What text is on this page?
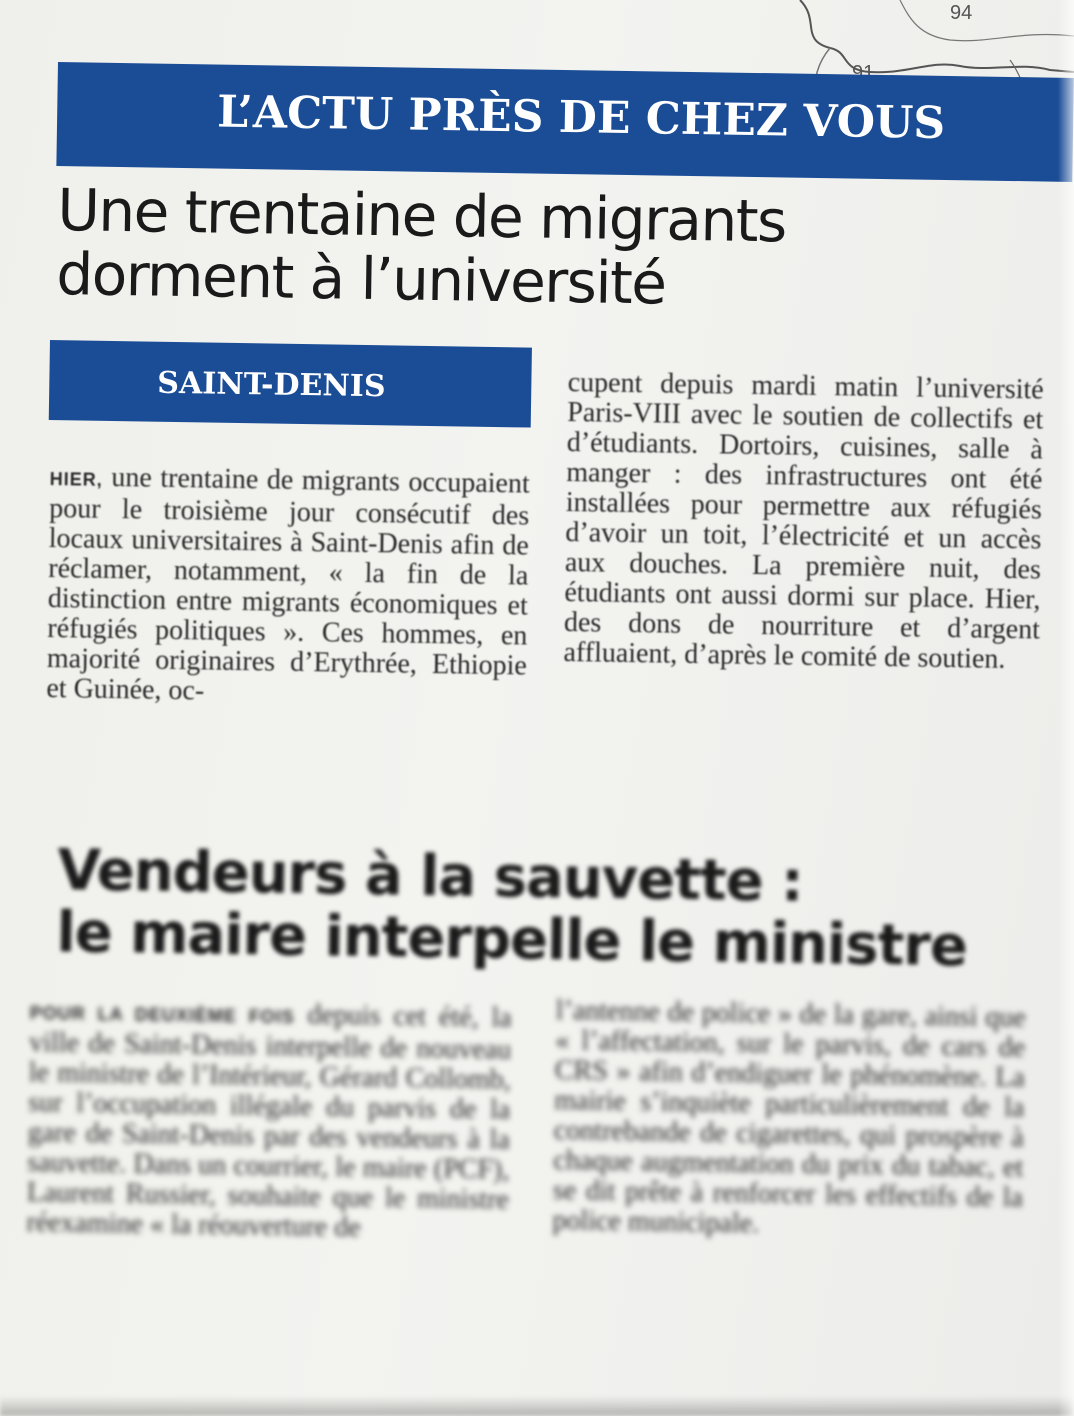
94
91
L’ACTU PRÈS DE CHEZ VOUS
Une trentaine de migrants
dorment à l’université
SAINT-DENIS

HIER, une trentaine de migrants occupaient pour le troisième jour consécutif des locaux universitaires à Saint-Denis afin de réclamer, notamment, « la fin de la distinction entre migrants économiques et réfugiés politiques ». Ces hommes, en majorité originaires d’Erythrée, Ethiopie et Guinée, oc-

cupent depuis mardi matin l’université Paris-VIII avec le soutien de collectifs et d’étudiants. Dortoirs, cuisines, salle à manger : des infrastructures ont été installées pour permettre aux réfugiés d’avoir un toit, l’électricité et un accès aux douches. La première nuit, des étudiants ont aussi dormi sur place. Hier, des dons de nourriture et d’argent affluaient, d’après le comité de soutien.

Vendeurs à la sauvette :
le maire interpelle le ministre

POUR LA DEUXIÈME FOIS depuis cet été, la ville de Saint-Denis interpelle de nouveau le ministre de l’Intérieur, Gérard Collomb, sur l’occupation illégale du parvis de la gare de Saint-Denis par des vendeurs à la sauvette. Dans un courrier, le maire (PCF), Laurent Russier, souhaite que le ministre réexamine « la réouverture de

l’antenne de police » de la gare, ainsi que « l’affectation, sur le parvis, de cars de CRS » afin d’endiguer le phénomène. La mairie s’inquiète particulièrement de la contrebande de cigarettes, qui prospère à chaque augmentation du prix du tabac, et se dit prête à renforcer les effectifs de la police municipale.
